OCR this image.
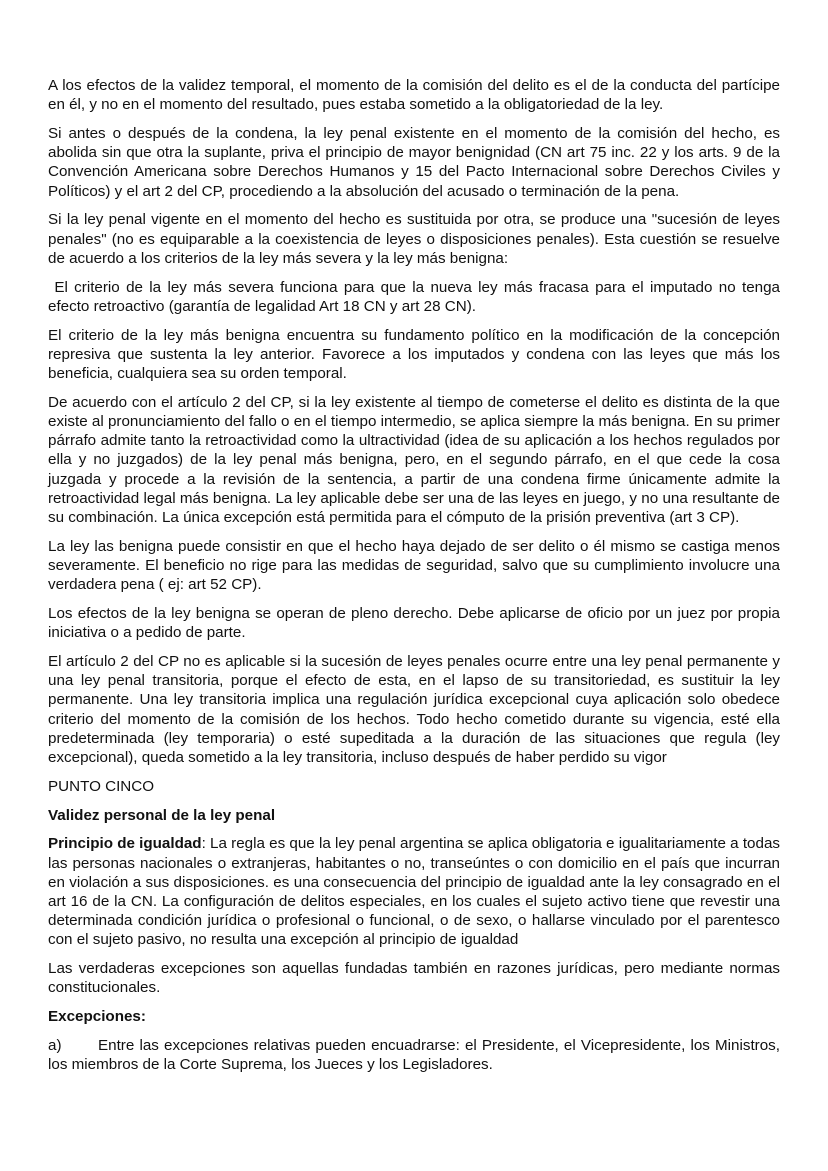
A los efectos de la validez temporal, el momento de la comisión del delito es el de la conducta del partícipe en él, y no en el momento del resultado, pues estaba sometido a la obligatoriedad de la ley.

Si antes o después de la condena, la ley penal existente en el momento de la comisión del hecho, es abolida sin que otra la suplante, priva el principio de mayor benignidad (CN art 75 inc. 22 y los arts. 9 de la Convención Americana sobre Derechos Humanos y 15 del Pacto Internacional sobre Derechos Civiles y Políticos) y el art 2 del CP, procediendo a la absolución del acusado o terminación de la pena.

Si la ley penal vigente en el momento del hecho es sustituida por otra, se produce una "sucesión de leyes penales" (no es equiparable a la coexistencia de leyes o disposiciones penales). Esta cuestión se resuelve de acuerdo a los criterios de la ley más severa y la ley más benigna:

El criterio de la ley más severa funciona para que la nueva ley más fracasa para el imputado no tenga efecto retroactivo (garantía de legalidad Art 18 CN y art 28 CN).

El criterio de la ley más benigna encuentra su fundamento político en la modificación de la concepción represiva que sustenta la ley anterior. Favorece a los imputados y condena con las leyes que más los beneficia, cualquiera sea su orden temporal.

De acuerdo con el artículo 2 del CP, si la ley existente al tiempo de cometerse el delito es distinta de la que existe al pronunciamiento del fallo o en el tiempo intermedio, se aplica siempre la más benigna. En su primer párrafo admite tanto la retroactividad como la ultractividad (idea de su aplicación a los hechos regulados por ella y no juzgados) de la ley penal más benigna, pero, en el segundo párrafo, en el que cede la cosa juzgada y procede a la revisión de la sentencia, a partir de una condena firme únicamente admite la retroactividad legal más benigna. La ley aplicable debe ser una de las leyes en juego, y no una resultante de su combinación. La única excepción está permitida para el cómputo de la prisión preventiva (art 3 CP).

La ley las benigna puede consistir en que el hecho haya dejado de ser delito o él mismo se castiga menos severamente. El beneficio no rige para las medidas de seguridad, salvo que su cumplimiento involucre una verdadera pena ( ej: art 52 CP).

Los efectos de la ley benigna se operan de pleno derecho. Debe aplicarse de oficio por un juez por propia iniciativa o a pedido de parte.

El artículo 2 del CP no es aplicable si la sucesión de leyes penales ocurre entre una ley penal permanente y una ley penal transitoria, porque el efecto de esta, en el lapso de su transitoriedad, es sustituir la ley permanente. Una ley transitoria implica una regulación jurídica excepcional cuya aplicación solo obedece criterio del momento de la comisión de los hechos. Todo hecho cometido durante su vigencia, esté ella predeterminada (ley temporaria) o esté supeditada a la duración de las situaciones que regula (ley excepcional), queda sometido a la ley transitoria, incluso después de haber perdido su vigor

PUNTO CINCO

Validez personal de la ley penal

Principio de igualdad: La regla es que la ley penal argentina se aplica obligatoria e igualitariamente a todas las personas nacionales o extranjeras, habitantes o no, transeúntes o con domicilio en el país que incurran en violación a sus disposiciones. es una consecuencia del principio de igualdad ante la ley consagrado en el art 16 de la CN. La configuración de delitos especiales, en los cuales el sujeto activo tiene que revestir una determinada condición jurídica o profesional o funcional, o de sexo, o hallarse vinculado por el parentesco con el sujeto pasivo, no resulta una excepción al principio de igualdad

Las verdaderas excepciones son aquellas fundadas también en razones jurídicas, pero mediante normas constitucionales.

Excepciones:

a) Entre las excepciones relativas pueden encuadrarse: el Presidente, el Vicepresidente, los Ministros, los miembros de la Corte Suprema, los Jueces y los Legisladores.
